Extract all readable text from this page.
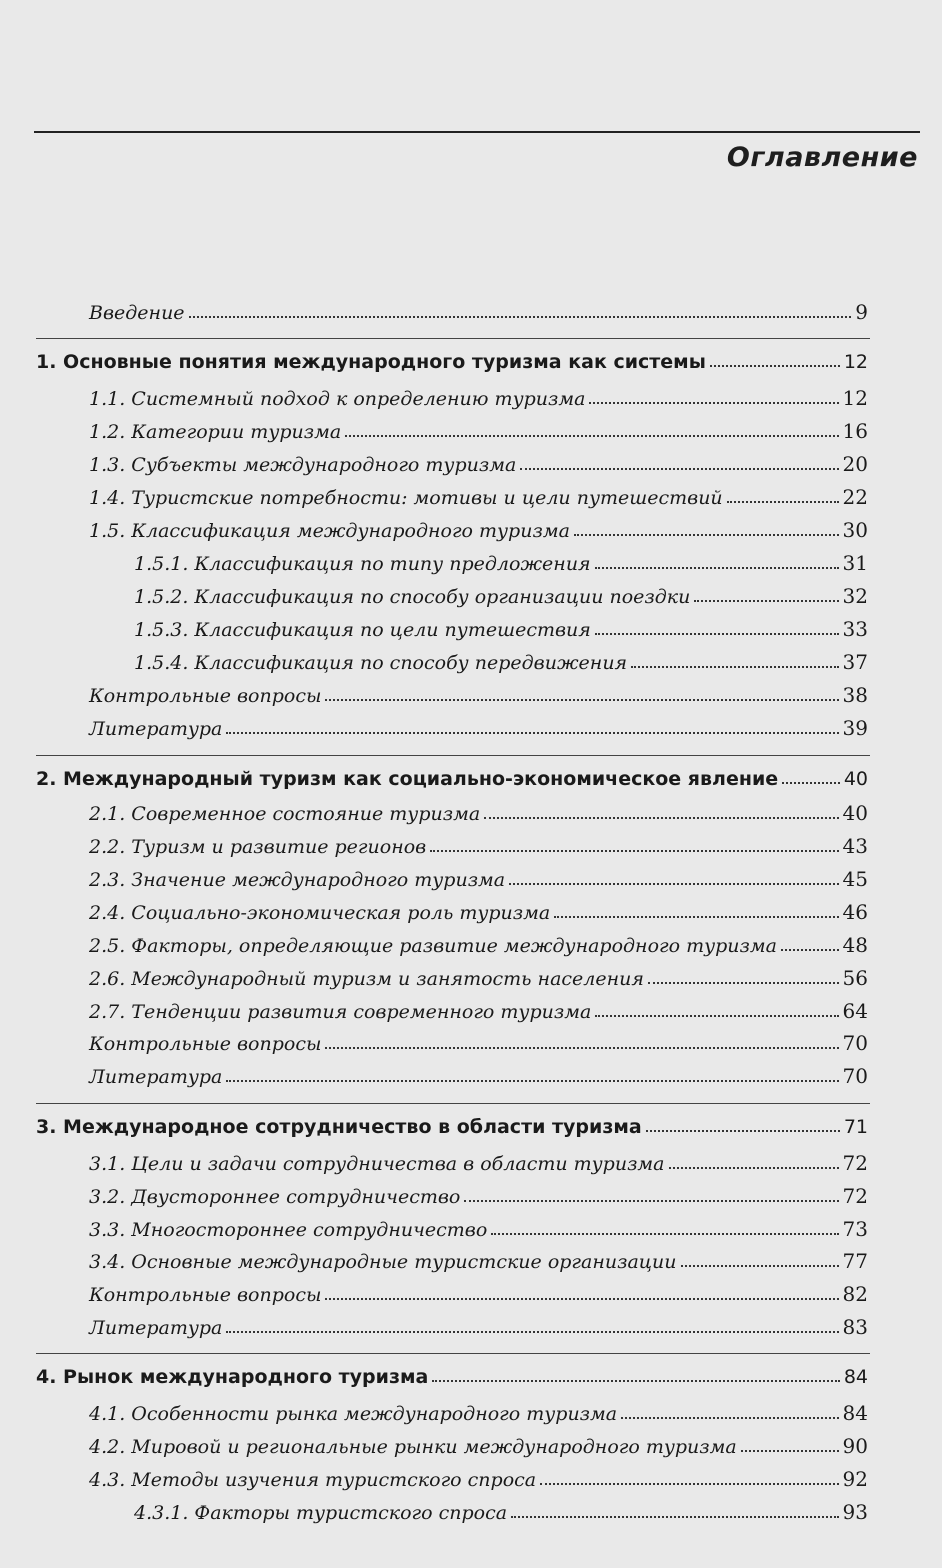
Оглавление
Введение	9
1. Основные понятия международного туризма как системы	12
1.1. Системный подход к определению туризма	12
1.2. Категории туризма	16
1.3. Субъекты международного туризма	20
1.4. Туристские потребности: мотивы и цели путешествий	22
1.5. Классификация международного туризма	30
1.5.1. Классификация по типу предложения	31
1.5.2. Классификация по способу организации поездки	32
1.5.3. Классификация по цели путешествия	33
1.5.4. Классификация по способу передвижения	37
Контрольные вопросы	38
Литература	39
2. Международный туризм как социально-экономическое явление	40
2.1. Современное состояние туризма	40
2.2. Туризм и развитие регионов	43
2.3. Значение международного туризма	45
2.4. Социально-экономическая роль туризма	46
2.5. Факторы, определяющие развитие международного туризма	48
2.6. Международный туризм и занятость населения	56
2.7. Тенденции развития современного туризма	64
Контрольные вопросы	70
Литература	70
3. Международное сотрудничество в области туризма	71
3.1. Цели и задачи сотрудничества в области туризма	72
3.2. Двустороннее сотрудничество	72
3.3. Многостороннее сотрудничество	73
3.4. Основные международные туристские организации	77
Контрольные вопросы	82
Литература	83
4. Рынок международного туризма	84
4.1. Особенности рынка международного туризма	84
4.2. Мировой и региональные рынки международного туризма	90
4.3. Методы изучения туристского спроса	92
4.3.1. Факторы туристского спроса	93
